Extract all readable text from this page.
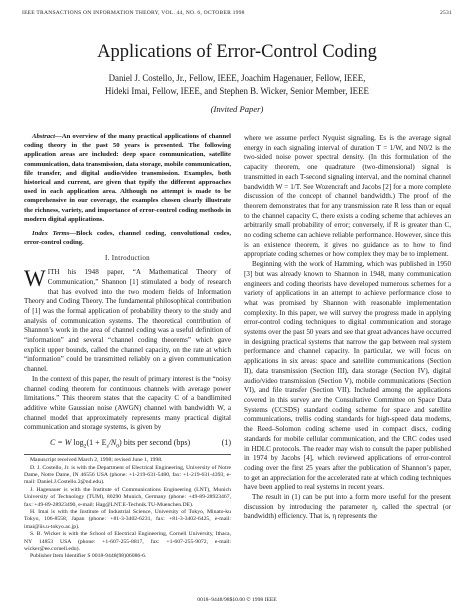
IEEE TRANSACTIONS ON INFORMATION THEORY, VOL. 44, NO. 6, OCTOBER 1998	2531
Applications of Error-Control Coding
Daniel J. Costello, Jr., Fellow, IEEE, Joachim Hagenauer, Fellow, IEEE,
Hideki Imai, Fellow, IEEE, and Stephen B. Wicker, Senior Member, IEEE
(Invited Paper)

Abstract—An overview of the many practical applications of channel coding theory in the past 50 years is presented. The following application areas are included: deep space communication, satellite communication, data transmission, data storage, mobile communication, file transfer, and digital audio/video transmission. Examples, both historical and current, are given that typify the different approaches used in each application area. Although no attempt is made to be comprehensive in our coverage, the examples chosen clearly illustrate the richness, variety, and importance of error-control coding methods in modern digital applications.

Index Terms—Block codes, channel coding, convolutional codes, error-control coding.

I. Introduction

WITH his 1948 paper, “A Mathematical Theory of Communication,” Shannon [1] stimulated a body of research that has evolved into the two modern fields of Information Theory and Coding Theory. The fundamental philosophical contribution of [1] was the formal application of probability theory to the study and analysis of communication systems. The theoretical contribution of Shannon’s work in the area of channel coding was a useful definition of “information” and several “channel coding theorems” which gave explicit upper bounds, called the channel capacity, on the rate at which “information” could be transmitted reliably on a given communication channel.

In the context of this paper, the result of primary interest is the “noisy channel coding theorem for continuous channels with average power limitations.” This theorem states that the capacity C of a bandlimited additive white Gaussian noise (AWGN) channel with bandwidth W, a channel model that approximately represents many practical digital communication and storage systems, is given by

C = W $\log_2(1 + E_s/N_0)$ bits per second (bps)	(1)

Manuscript received March 2, 1998; revised June 1, 1998.

D. J. Costello, Jr. is with the Department of Electrical Engineering, University of Notre Dame, Notre Dame, IN 46556 USA (phone: +1-219-631-5480, fax: +1-219-631-4393, e-mail: Daniel.J.Costello.2@nd.edu).

J. Hagenauer is with the Institute of Communications Engineering (LNT), Munich University of Technology (TUM), 80290 Munich, Germany (phone: +49-89-28923467, fax: +49-89-28923490, e-mail: Hag@LNT.E-Technik.TU-Muenchen.DE).

H. Imai is with the Institute of Industrial Science, University of Tokyo, Minato-ku Tokyo, 106-8558, Japan (phone: +81-3-3402-6231, fax: +81-3-3402-6425, e-mail: imai@iis.u-tokyo.ac.jp).

S. B. Wicker is with the School of Electrical Engineering, Cornell University, Ithaca, NY 14853 USA (phone: +1-607-255-8817, fax: +1-607-255-9072, e-mail: wicker@ee.cornell.edu).

Publisher Item Identifier S 0018-9448(98)06086-6.

where we assume perfect Nyquist signaling, Es is the average signal energy in each signaling interval of duration T = 1/W, and N0/2 is the two-sided noise power spectral density. (In this formulation of the capacity theorem, one quadrature (two-dimensional) signal is transmitted in each T-second signaling interval, and the nominal channel bandwidth W = 1/T. See Wozencraft and Jacobs [2] for a more complete discussion of the concept of channel bandwidth.) The proof of the theorem demonstrates that for any transmission rate R less than or equal to the channel capacity C, there exists a coding scheme that achieves an arbitrarily small probability of error; conversely, if R is greater than C, no coding scheme can achieve reliable performance. However, since this is an existence theorem, it gives no guidance as to how to find appropriate coding schemes or how complex they may be to implement.

Beginning with the work of Hamming, which was published in 1950 [3] but was already known to Shannon in 1948, many communication engineers and coding theorists have developed numerous schemes for a variety of applications in an attempt to achieve performance close to what was promised by Shannon with reasonable implementation complexity. In this paper, we will survey the progress made in applying error-control coding techniques to digital communication and storage systems over the past 50 years and see that great advances have occurred in designing practical systems that narrow the gap between real system performance and channel capacity. In particular, we will focus on applications in six areas: space and satellite communications (Section II), data transmission (Section III), data storage (Section IV), digital audio/video transmission (Section V), mobile communications (Section VI), and file transfer (Section VII). Included among the applications covered in this survey are the Consultative Committee on Space Data Systems (CCSDS) standard coding scheme for space and satellite communications, trellis coding standards for high-speed data modems, the Reed–Solomon coding scheme used in compact discs, coding standards for mobile cellular communication, and the CRC codes used in HDLC protocols. The reader may wish to consult the paper published in 1974 by Jacobs [4], which reviewed applications of error-control coding over the first 25 years after the publication of Shannon’s paper, to get an appreciation for the accelerated rate at which coding techniques have been applied to real systems in recent years.

The result in (1) can be put into a form more useful for the present discussion by introducing the parameter η, called the spectral (or bandwidth) efficiency. That is, η represents the

0018–9448/98$10.00 © 1998 IEEE
